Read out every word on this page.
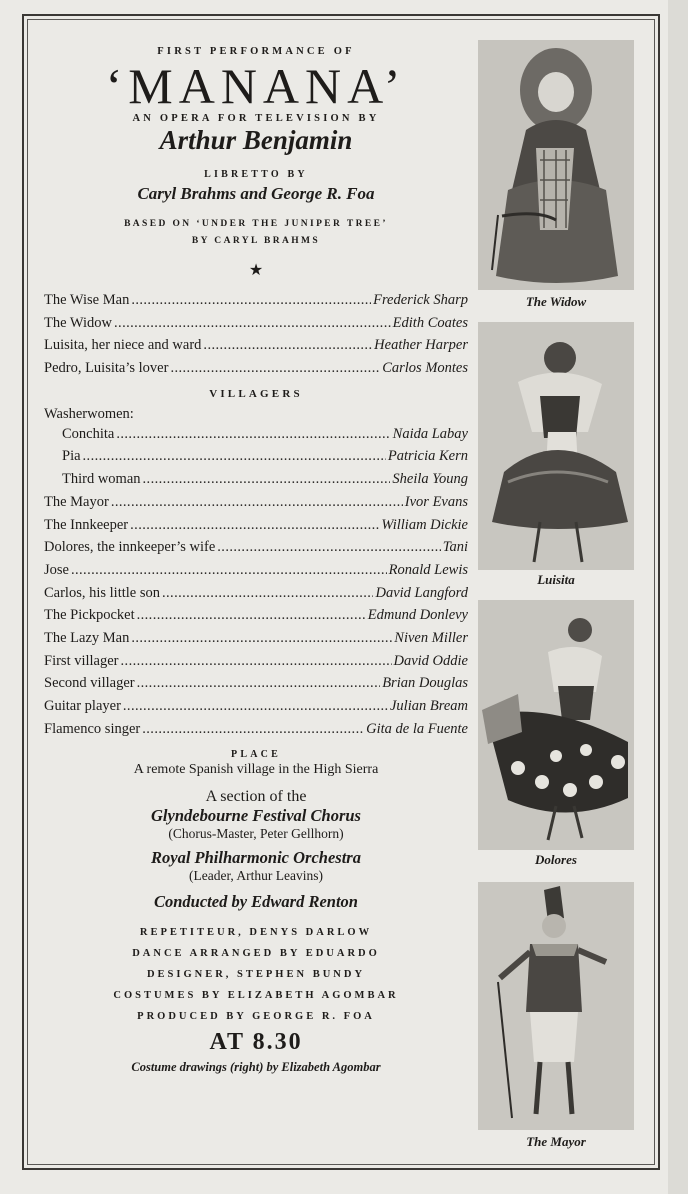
FIRST PERFORMANCE OF
‘MANANA’
AN OPERA FOR TELEVISION BY
Arthur Benjamin
LIBRETTO BY
Caryl Brahms and George R. Foa
BASED ON ‘UNDER THE JUNIPER TREE’
BY CARYL BRAHMS
★
The Wise Man .....	Frederick Sharp
The Widow .....	Edith Coates
Luisita, her niece and ward .....	Heather Harper
Pedro, Luisita’s lover .....	Carlos Montes
VILLAGERS
Washerwomen:
Conchita .....	Naida Labay
Pia .....	Patricia Kern
Third woman .....	Sheila Young
The Mayor .....	Ivor Evans
The Innkeeper .....	William Dickie
Dolores, the innkeeper’s wife .....	Tani
Jose .....	Ronald Lewis
Carlos, his little son .....	David Langford
The Pickpocket .....	Edmund Donlevy
The Lazy Man .....	Niven Miller
First villager .....	David Oddie
Second villager .....	Brian Douglas
Guitar player .....	Julian Bream
Flamenco singer .....	Gita de la Fuente
PLACE
A remote Spanish village in the High Sierra
A section of the
Glyndebourne Festival Chorus
(Chorus-Master, Peter Gellhorn)
Royal Philharmonic Orchestra
(Leader, Arthur Leavins)
Conducted by Edward Renton
REPETITEUR, DENYS DARLOW
DANCE ARRANGED BY EDUARDO
DESIGNER, STEPHEN BUNDY
COSTUMES BY ELIZABETH AGOMBAR
PRODUCED BY GEORGE R. FOA
AT 8.30
Costume drawings (right) by Elizabeth Agombar
The Widow
Luisita
Dolores
The Mayor
